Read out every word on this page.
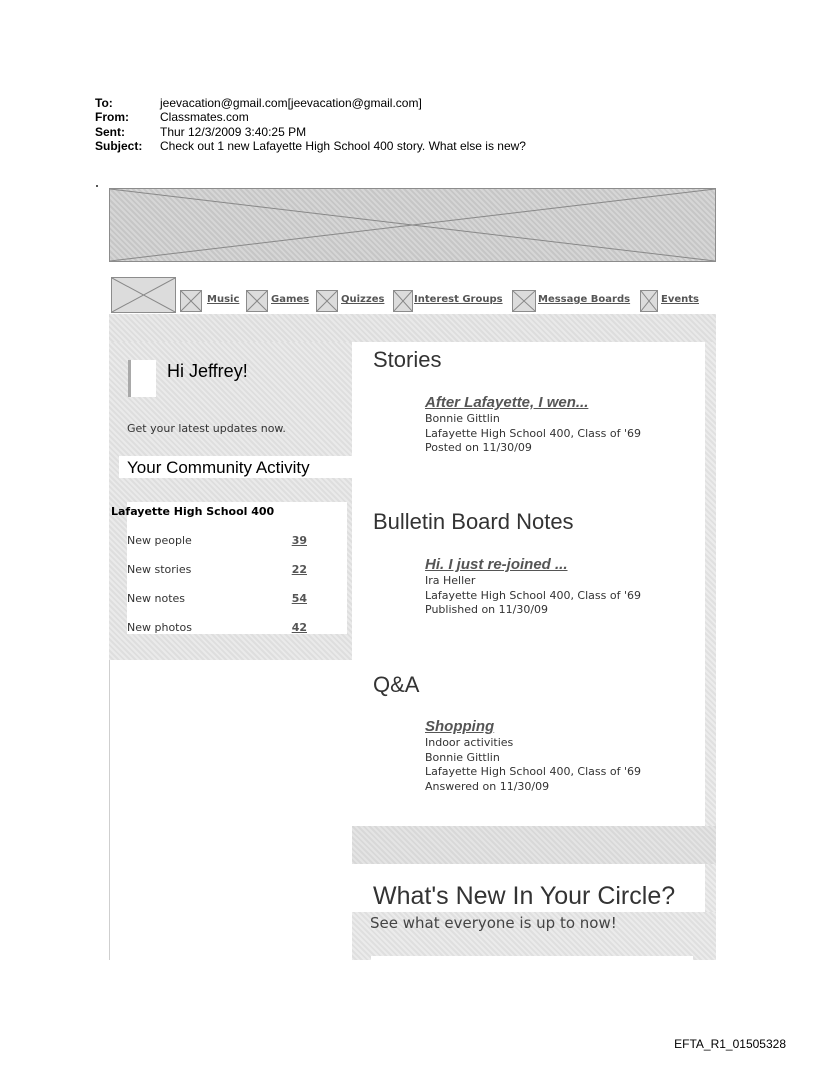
To:	jeevacation@gmail.com[jeevacation@gmail.com]
From:	Classmates.com
Sent:	Thur 12/3/2009 3:40:25 PM
Subject:	Check out 1 new Lafayette High School 400 story. What else is new?
Music	Games	Quizzes	Interest Groups	Message Boards	Events
Hi Jeffrey!
Get your latest updates now.
Your Community Activity
Lafayette High School 400
New people	39
New stories	22
New notes	54
New photos	42
Stories
After Lafayette, I wen...
Bonnie Gittlin
Lafayette High School 400, Class of '69
Posted on 11/30/09
Bulletin Board Notes
Hi. I just re-joined ...
Ira Heller
Lafayette High School 400, Class of '69
Published on 11/30/09
Q&A
Shopping
Indoor activities
Bonnie Gittlin
Lafayette High School 400, Class of '69
Answered on 11/30/09
What's New In Your Circle?
See what everyone is up to now!
EFTA_R1_01505328
